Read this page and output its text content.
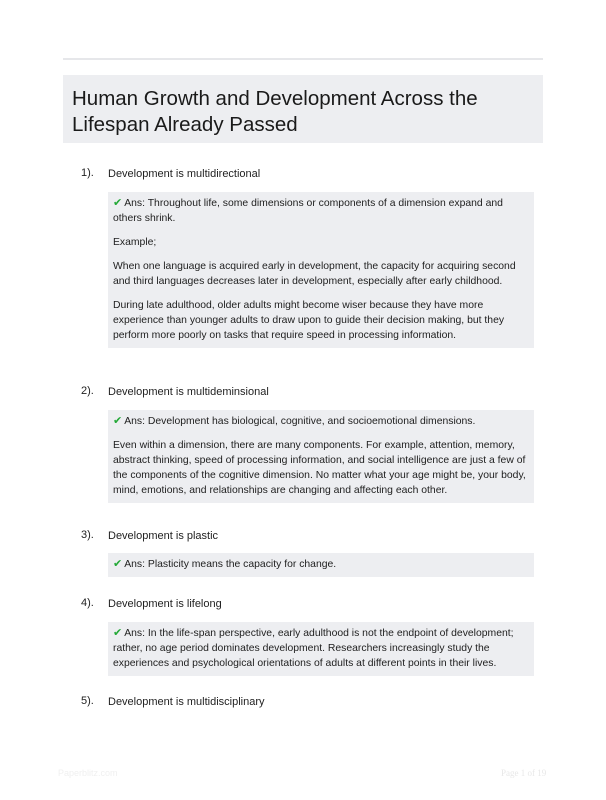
Human Growth and Development Across the Lifespan Already Passed
1). Development is multidirectional

✔ Ans: Throughout life, some dimensions or components of a dimension expand and others shrink.

Example;

When one language is acquired early in development, the capacity for acquiring second and third languages decreases later in development, especially after early childhood.

During late adulthood, older adults might become wiser because they have more experience than younger adults to draw upon to guide their decision making, but they perform more poorly on tasks that require speed in processing information.

2). Development is multideminsional

✔ Ans: Development has biological, cognitive, and socioemotional dimensions.

Even within a dimension, there are many components. For example, attention, memory, abstract thinking, speed of processing information, and social intelligence are just a few of the components of the cognitive dimension. No matter what your age might be, your body, mind, emotions, and relationships are changing and affecting each other.

3). Development is plastic

✔ Ans: Plasticity means the capacity for change.

4). Development is lifelong

✔ Ans: In the life-span perspective, early adulthood is not the endpoint of development; rather, no age period dominates development. Researchers increasingly study the experiences and psychological orientations of adults at different points in their lives.

5). Development is multidisciplinary
Paperblitz.com	Page 1 of 19
